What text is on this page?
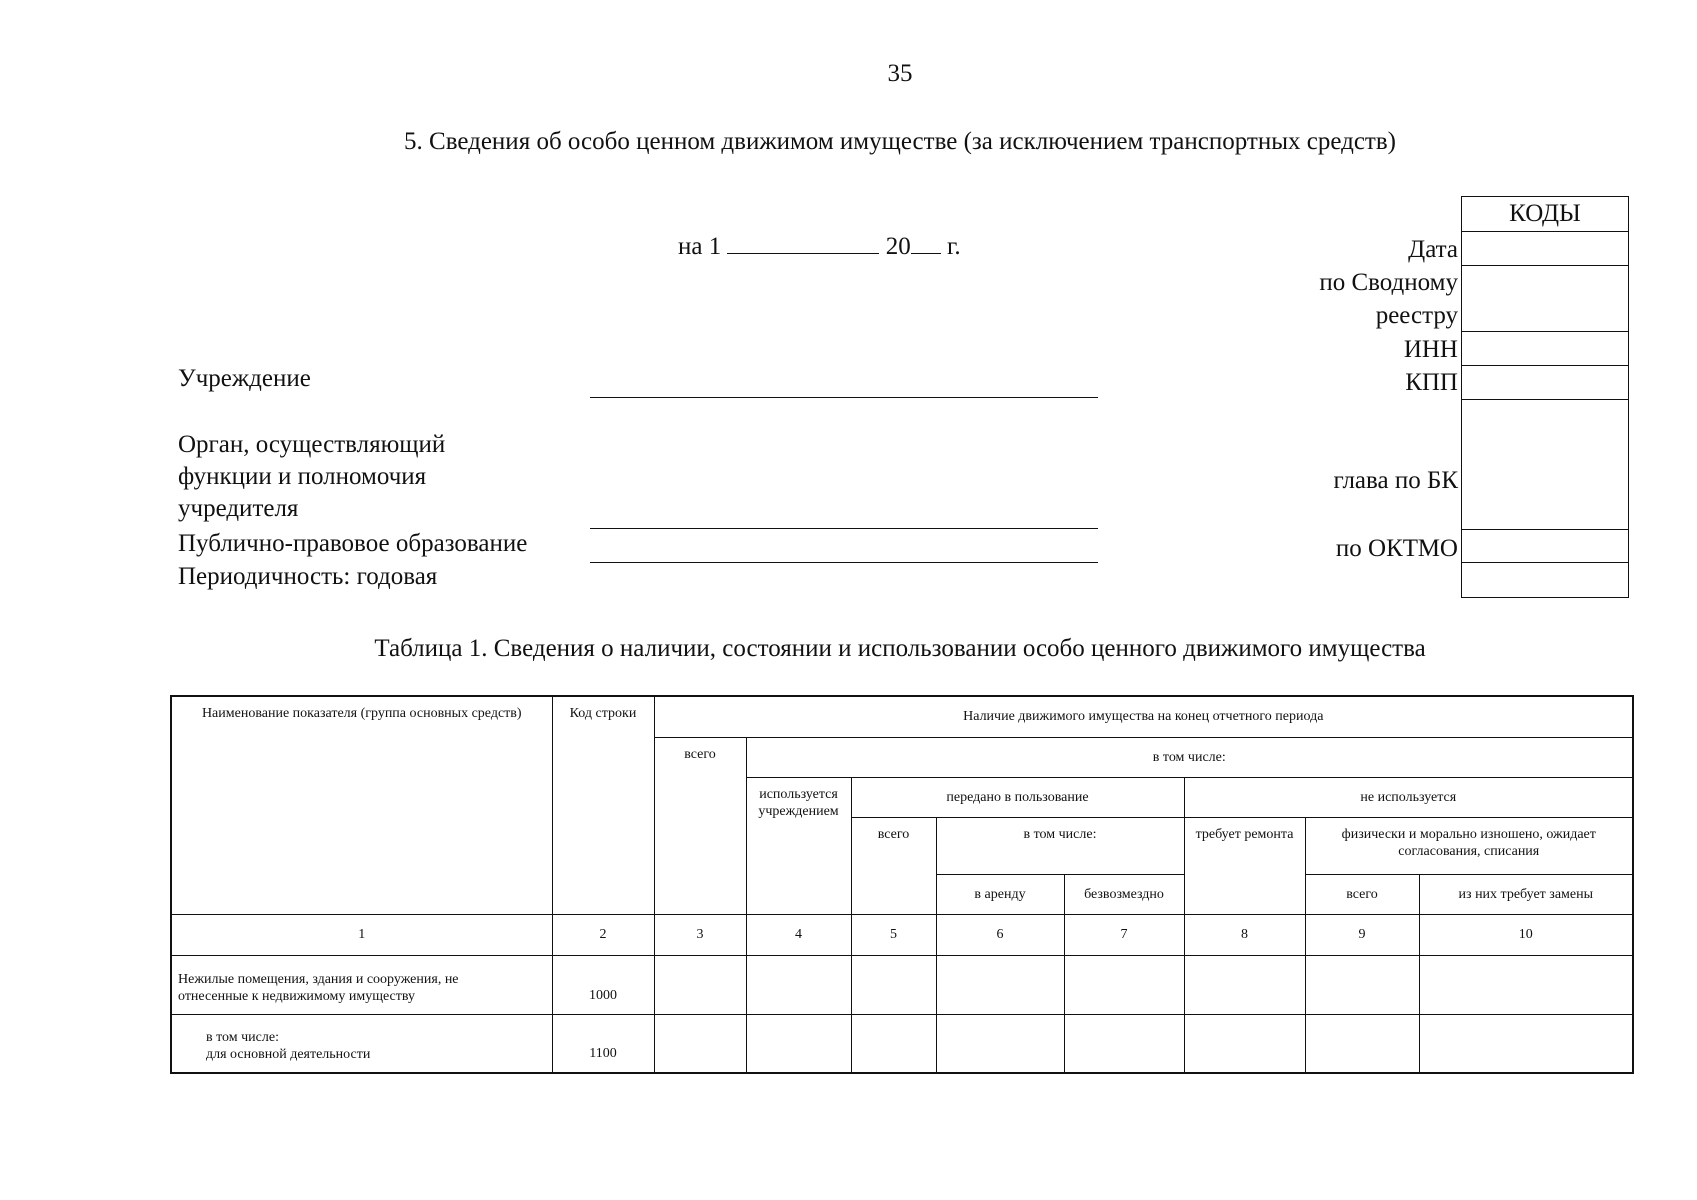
35
5. Сведения об особо ценном движимом имуществе (за исключением транспортных средств)
на 1	20 г.
КОДЫ
Дата
по Сводному
реестру
ИНН
КПП
глава по БК
по ОКТМО
Учреждение
Орган, осуществляющий
функции и полномочия
учредителя
Публично-правовое образование
Периодичность: годовая
Таблица 1. Сведения о наличии, состоянии и использовании особо ценного движимого имущества
Наименование показателя (группа основных средств)	Код строки	Наличие движимого имущества на конец отчетного периода							
		всего	в том числе:						
			используется учреждением	передано в пользование			не используется		
				всего	в том числе:		требует ремонта	физически и морально изношено, ожидает согласования, списания	
					в аренду	безвозмездно		всего	из них требует замены
1	2	3	4	5	6	7	8	9	10

Нежилые помещения, здания и сооружения, не
отнесенные к недвижимому имуществу	1000								

в том числе:
для основной деятельности	1100								
